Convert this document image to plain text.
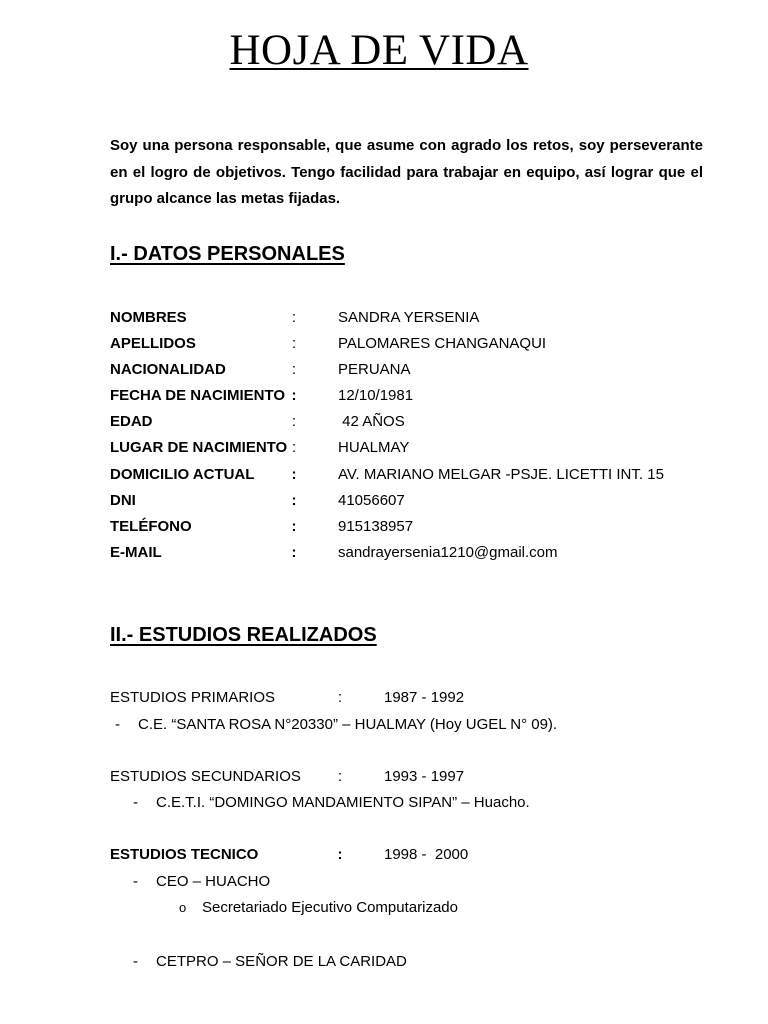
HOJA DE VIDA

Soy una persona responsable, que asume con agrado los retos, soy perseverante en el logro de objetivos. Tengo facilidad para trabajar en equipo, así lograr que el grupo alcance las metas fijadas.

I.- DATOS PERSONALES
NOMBRES	:	SANDRA YERSENIA
APELLIDOS	:	PALOMARES CHANGANAQUI
NACIONALIDAD	:	PERUANA
FECHA DE NACIMIENTO :	12/10/1981
EDAD	:	42 AÑOS
LUGAR DE NACIMIENTO :	HUALMAY
DOMICILIO ACTUAL :	AV. MARIANO MELGAR -PSJE. LICETTI INT. 15
DNI	:	41056607
TELÉFONO	:	915138957
E-MAIL	:	sandrayersenia1210@gmail.com
II.- ESTUDIOS REALIZADOS
ESTUDIOS PRIMARIOS	:	1987 - 1992
- C.E. “SANTA ROSA N°20330” – HUALMAY (Hoy UGEL N° 09).
ESTUDIOS SECUNDARIOS :	1993 - 1997
- C.E.T.I. “DOMINGO MANDAMIENTO SIPAN” – Huacho.
ESTUDIOS TECNICO	:	1998 -  2000
- CEO – HUACHO
o Secretariado Ejecutivo Computarizado
- CETPRO – SEÑOR DE LA CARIDAD
